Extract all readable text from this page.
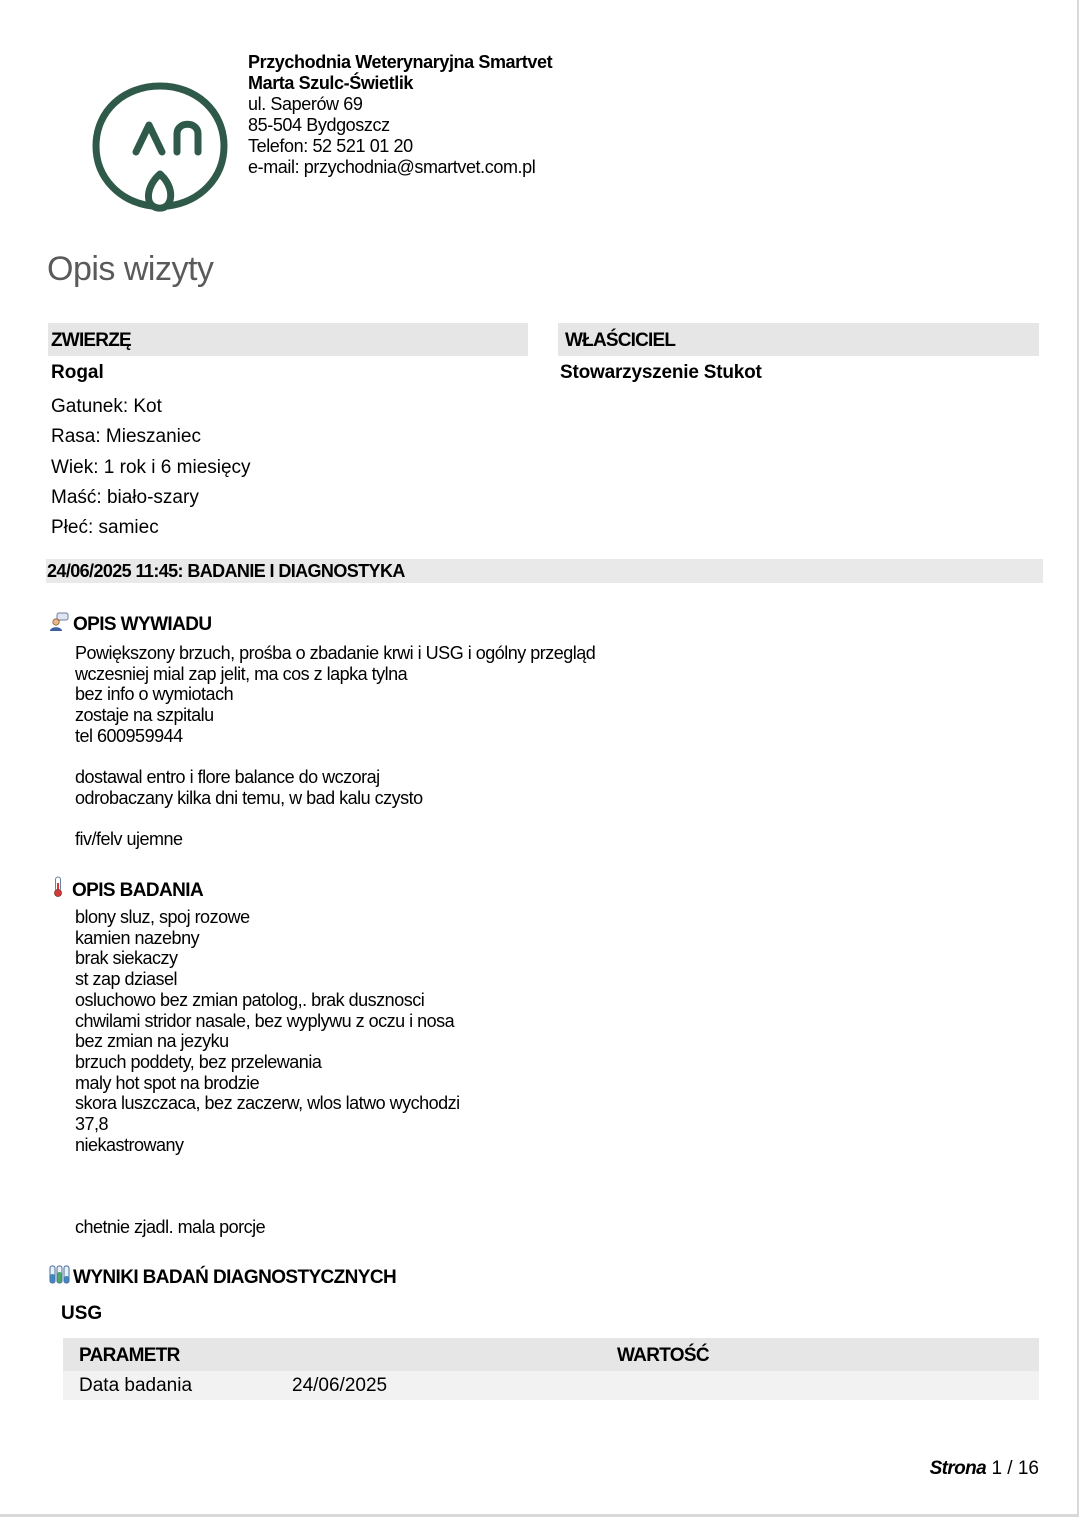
Przychodnia Weterynaryjna Smartvet
Marta Szulc-Świetlik
ul. Saperów 69
85-504 Bydgoszcz
Telefon: 52 521 01 20
e-mail: przychodnia@smartvet.com.pl
Opis wizyty
ZWIERZĘ	WŁAŚCICIEL
Rogal	Stowarzyszenie Stukot
Gatunek: Kot
Rasa: Mieszaniec
Wiek: 1 rok i 6 miesięcy
Maść: biało-szary
Płeć: samiec
24/06/2025 11:45: BADANIE I DIAGNOSTYKA
OPIS WYWIADU
Powiększony brzuch, prośba o zbadanie krwi i USG i ogólny przegląd
wczesniej mial zap jelit, ma cos z lapka tylna
bez info o wymiotach
zostaje na szpitalu
tel 600959944
dostawal entro i flore balance do wczoraj
odrobaczany kilka dni temu, w bad kalu czysto
fiv/felv ujemne
OPIS BADANIA
blony sluz, spoj rozowe
kamien nazebny
brak siekaczy
st zap dziasel
osluchowo bez zmian patolog,. brak dusznosci
chwilami stridor nasale, bez wyplywu z oczu i nosa
bez zmian na jezyku
brzuch poddety, bez przelewania
maly hot spot na brodzie
skora luszczaca, bez zaczerw, wlos latwo wychodzi
37,8
niekastrowany
chetnie zjadl. mala porcje
WYNIKI BADAŃ DIAGNOSTYCZNYCH
USG
PARAMETR	WARTOŚĆ
Data badania	24/06/2025
Strona 1 / 16
